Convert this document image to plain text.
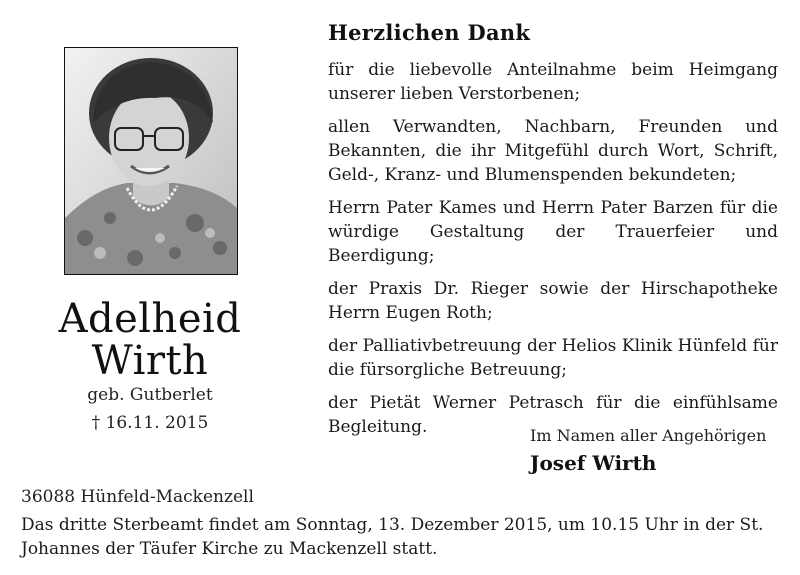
Adelheid
Wirth
geb. Gutberlet
† 16.11. 2015
Herzlichen Dank

für die liebevolle Anteilnahme beim Heimgang unserer lieben Verstorbenen;

allen Verwandten, Nachbarn, Freunden und Bekannten, die ihr Mitgefühl durch Wort, Schrift, Geld-, Kranz- und Blumenspenden bekundeten;

Herrn Pater Kames und Herrn Pater Barzen für die würdige Gestaltung der Trauerfeier und Beerdigung;

der Praxis Dr. Rieger sowie der Hirschapotheke Herrn Eugen Roth;

der Palliativbetreuung der Helios Klinik Hünfeld für die fürsorgliche Betreuung;

der Pietät Werner Petrasch für die einfühlsame Begleitung.	Im Namen aller Angehörigen
Josef Wirth
36088 Hünfeld-Mackenzell
Das dritte Sterbeamt findet am Sonntag, 13. Dezember 2015, um 10.15 Uhr in der St. Johannes der Täufer Kirche zu Mackenzell statt.
